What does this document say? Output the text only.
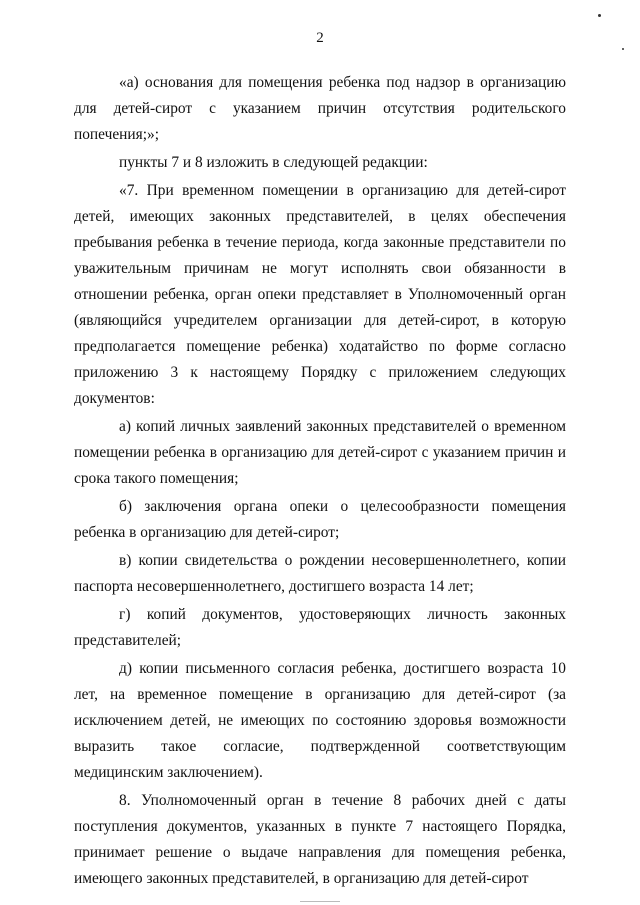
2

«а) основания для помещения ребенка под надзор в организацию для детей-сирот с указанием причин отсутствия родительского попечения;»;

пункты 7 и 8 изложить в следующей редакции:

«7. При временном помещении в организацию для детей-сирот детей, имеющих законных представителей, в целях обеспечения пребывания ребенка в течение периода, когда законные представители по уважительным причинам не могут исполнять свои обязанности в отношении ребенка, орган опеки представляет в Уполномоченный орган (являющийся учредителем организации для детей-сирот, в которую предполагается помещение ребенка) ходатайство по форме согласно приложению 3 к настоящему Порядку с приложением следующих документов:

а) копий личных заявлений законных представителей о временном помещении ребенка в организацию для детей-сирот с указанием причин и срока такого помещения;

б) заключения органа опеки о целесообразности помещения ребенка в организацию для детей-сирот;

в) копии свидетельства о рождении несовершеннолетнего, копии паспорта несовершеннолетнего, достигшего возраста 14 лет;

г) копий документов, удостоверяющих личность законных представителей;

д) копии письменного согласия ребенка, достигшего возраста 10 лет, на временное помещение в организацию для детей-сирот (за исключением детей, не имеющих по состоянию здоровья возможности выразить такое согласие, подтвержденной соответствующим медицинским заключением).

8. Уполномоченный орган в течение 8 рабочих дней с даты поступления документов, указанных в пункте 7 настоящего Порядка, принимает решение о выдаче направления для помещения ребенка, имеющего законных представителей, в организацию для детей-сирот
